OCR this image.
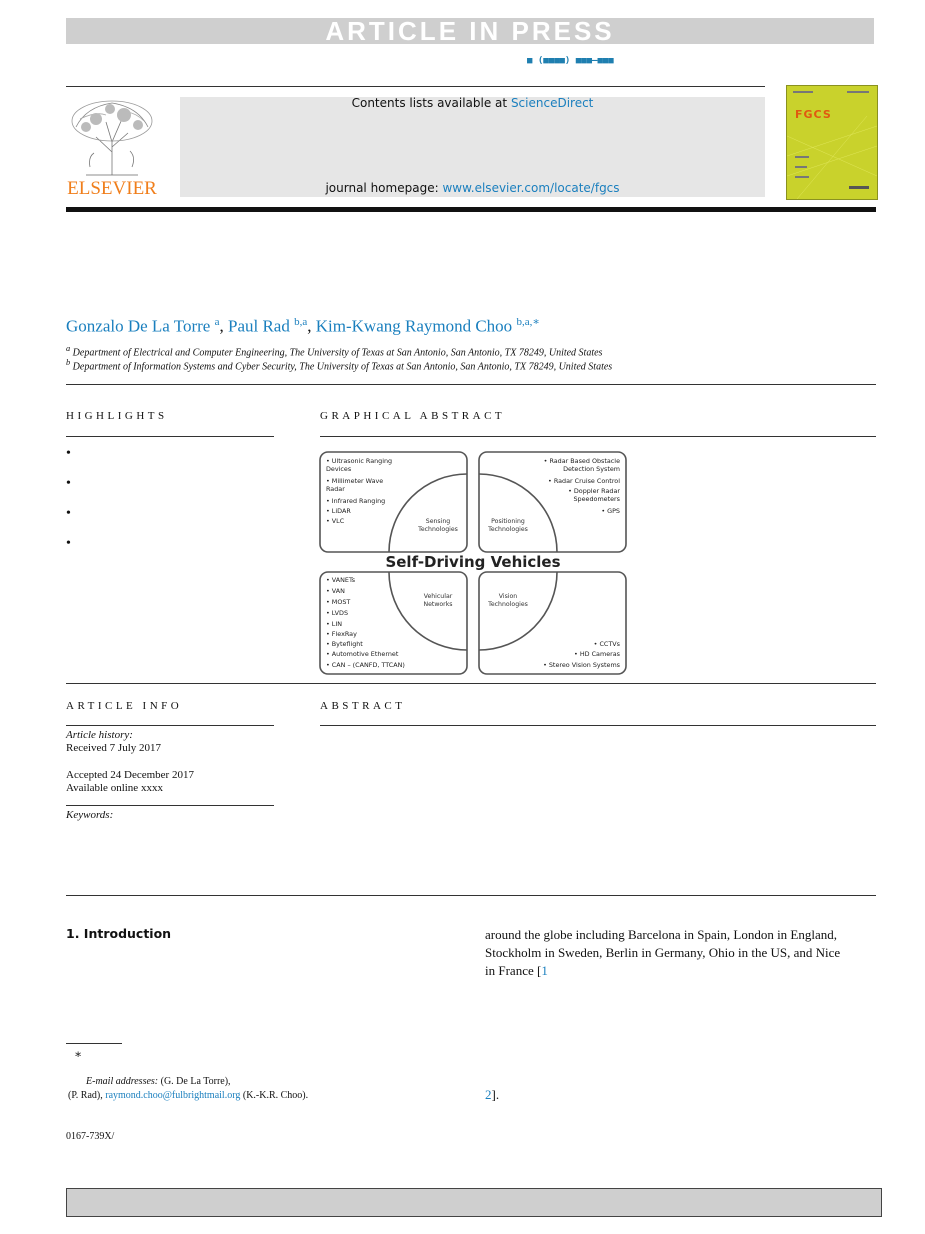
ARTICLE IN PRESS
■ (■■■■) ■■■–■■■
ELSEVIER
Contents lists available at ScienceDirect
journal homepage: www.elsevier.com/locate/fgcs
FGCS
Gonzalo De La Torre $^a$, Paul Rad $^{b,a}$, Kim-Kwang Raymond Choo $^{b,a,∗}$
$^a$ Department of Electrical and Computer Engineering, The University of Texas at San Antonio, San Antonio, TX 78249, United States
$^b$ Department of Information Systems and Cyber Security, The University of Texas at San Antonio, San Antonio, TX 78249, United States
HIGHLIGHTS
•
•
•
•
GRAPHICAL ABSTRACT
Self-Driving Vehicles
Sensing
Technologies
Positioning
Technologies
Vehicular
Networks
Vision
Technologies
• Ultrasonic Ranging
Devices
• Millimeter Wave
Radar
• Infrared Ranging
• LiDAR
• VLC
• Radar Based Obstacle
Detection System
• Radar Cruise Control
• Doppler Radar
Speedometers
• GPS
• VANETs
• VAN
• MOST
• LVDS
• LIN
• FlexRay
• Byteflight
• Automotive Ethernet
• CAN – (CANFD, TTCAN)
• CCTVs
• HD Cameras
• Stereo Vision Systems
ARTICLE INFO
Article history:
Received 7 July 2017
Accepted 24 December 2017
Available online xxxx
Keywords:
ABSTRACT
1. Introduction	around the globe including Barcelona in Spain, London in England,
Stockholm in Sweden, Berlin in Germany, Ohio in the US, and Nice
in France [1
2].
∗
E-mail addresses: (G. De La Torre),
(P. Rad), raymond.choo@fulbrightmail.org (K.-K.R. Choo).
0167-739X/
